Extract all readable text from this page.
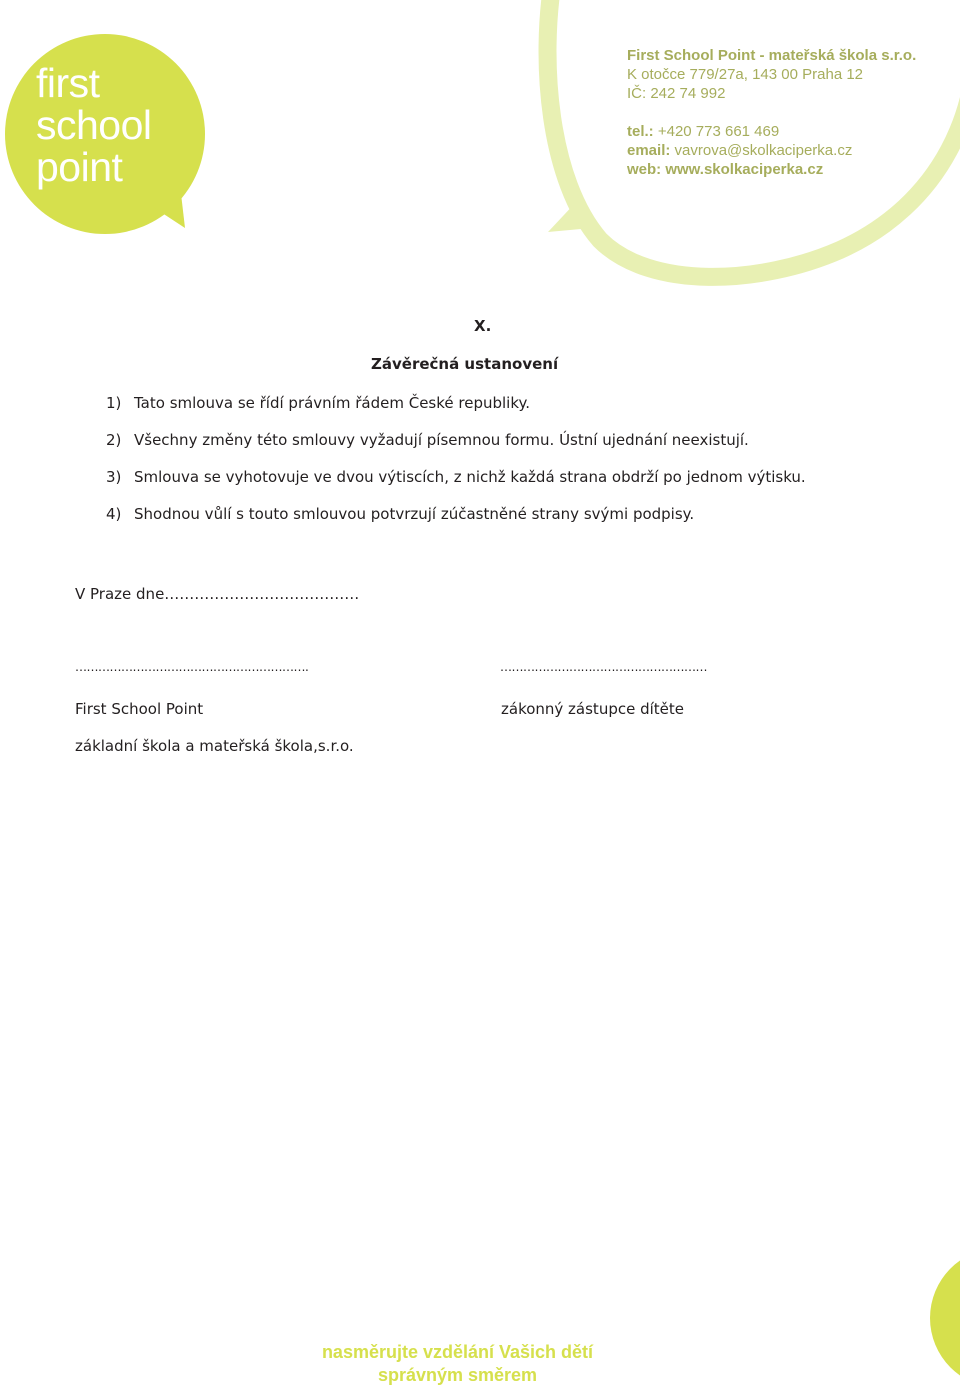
first
school
point
First School Point - mateřská škola s.r.o.
K otočce 779/27a, 143 00 Praha 12
IČ: 242 74 992
tel.: +420 773 661 469
email: vavrova@skolkaciperka.cz
web: www.skolkaciperka.cz
X.
Závěrečná ustanovení
1) Tato smlouva se řídí právním řádem České republiky.
2) Všechny změny této smlouvy vyžadují písemnou formu. Ústní ujednání neexistují.
3) Smlouva se vyhotovuje ve dvou výtiscích, z nichž každá strana obdrží po jednom výtisku.
4) Shodnou vůlí s touto smlouvou potvrzují zúčastněné strany svými podpisy.
V Praze dne…………………………………
…………………………………………………….	………………………………………………
First School Point	zákonný zástupce dítěte
základní škola a mateřská škola,s.r.o.
nasměrujte vzdělání Vašich dětí
správným směrem
